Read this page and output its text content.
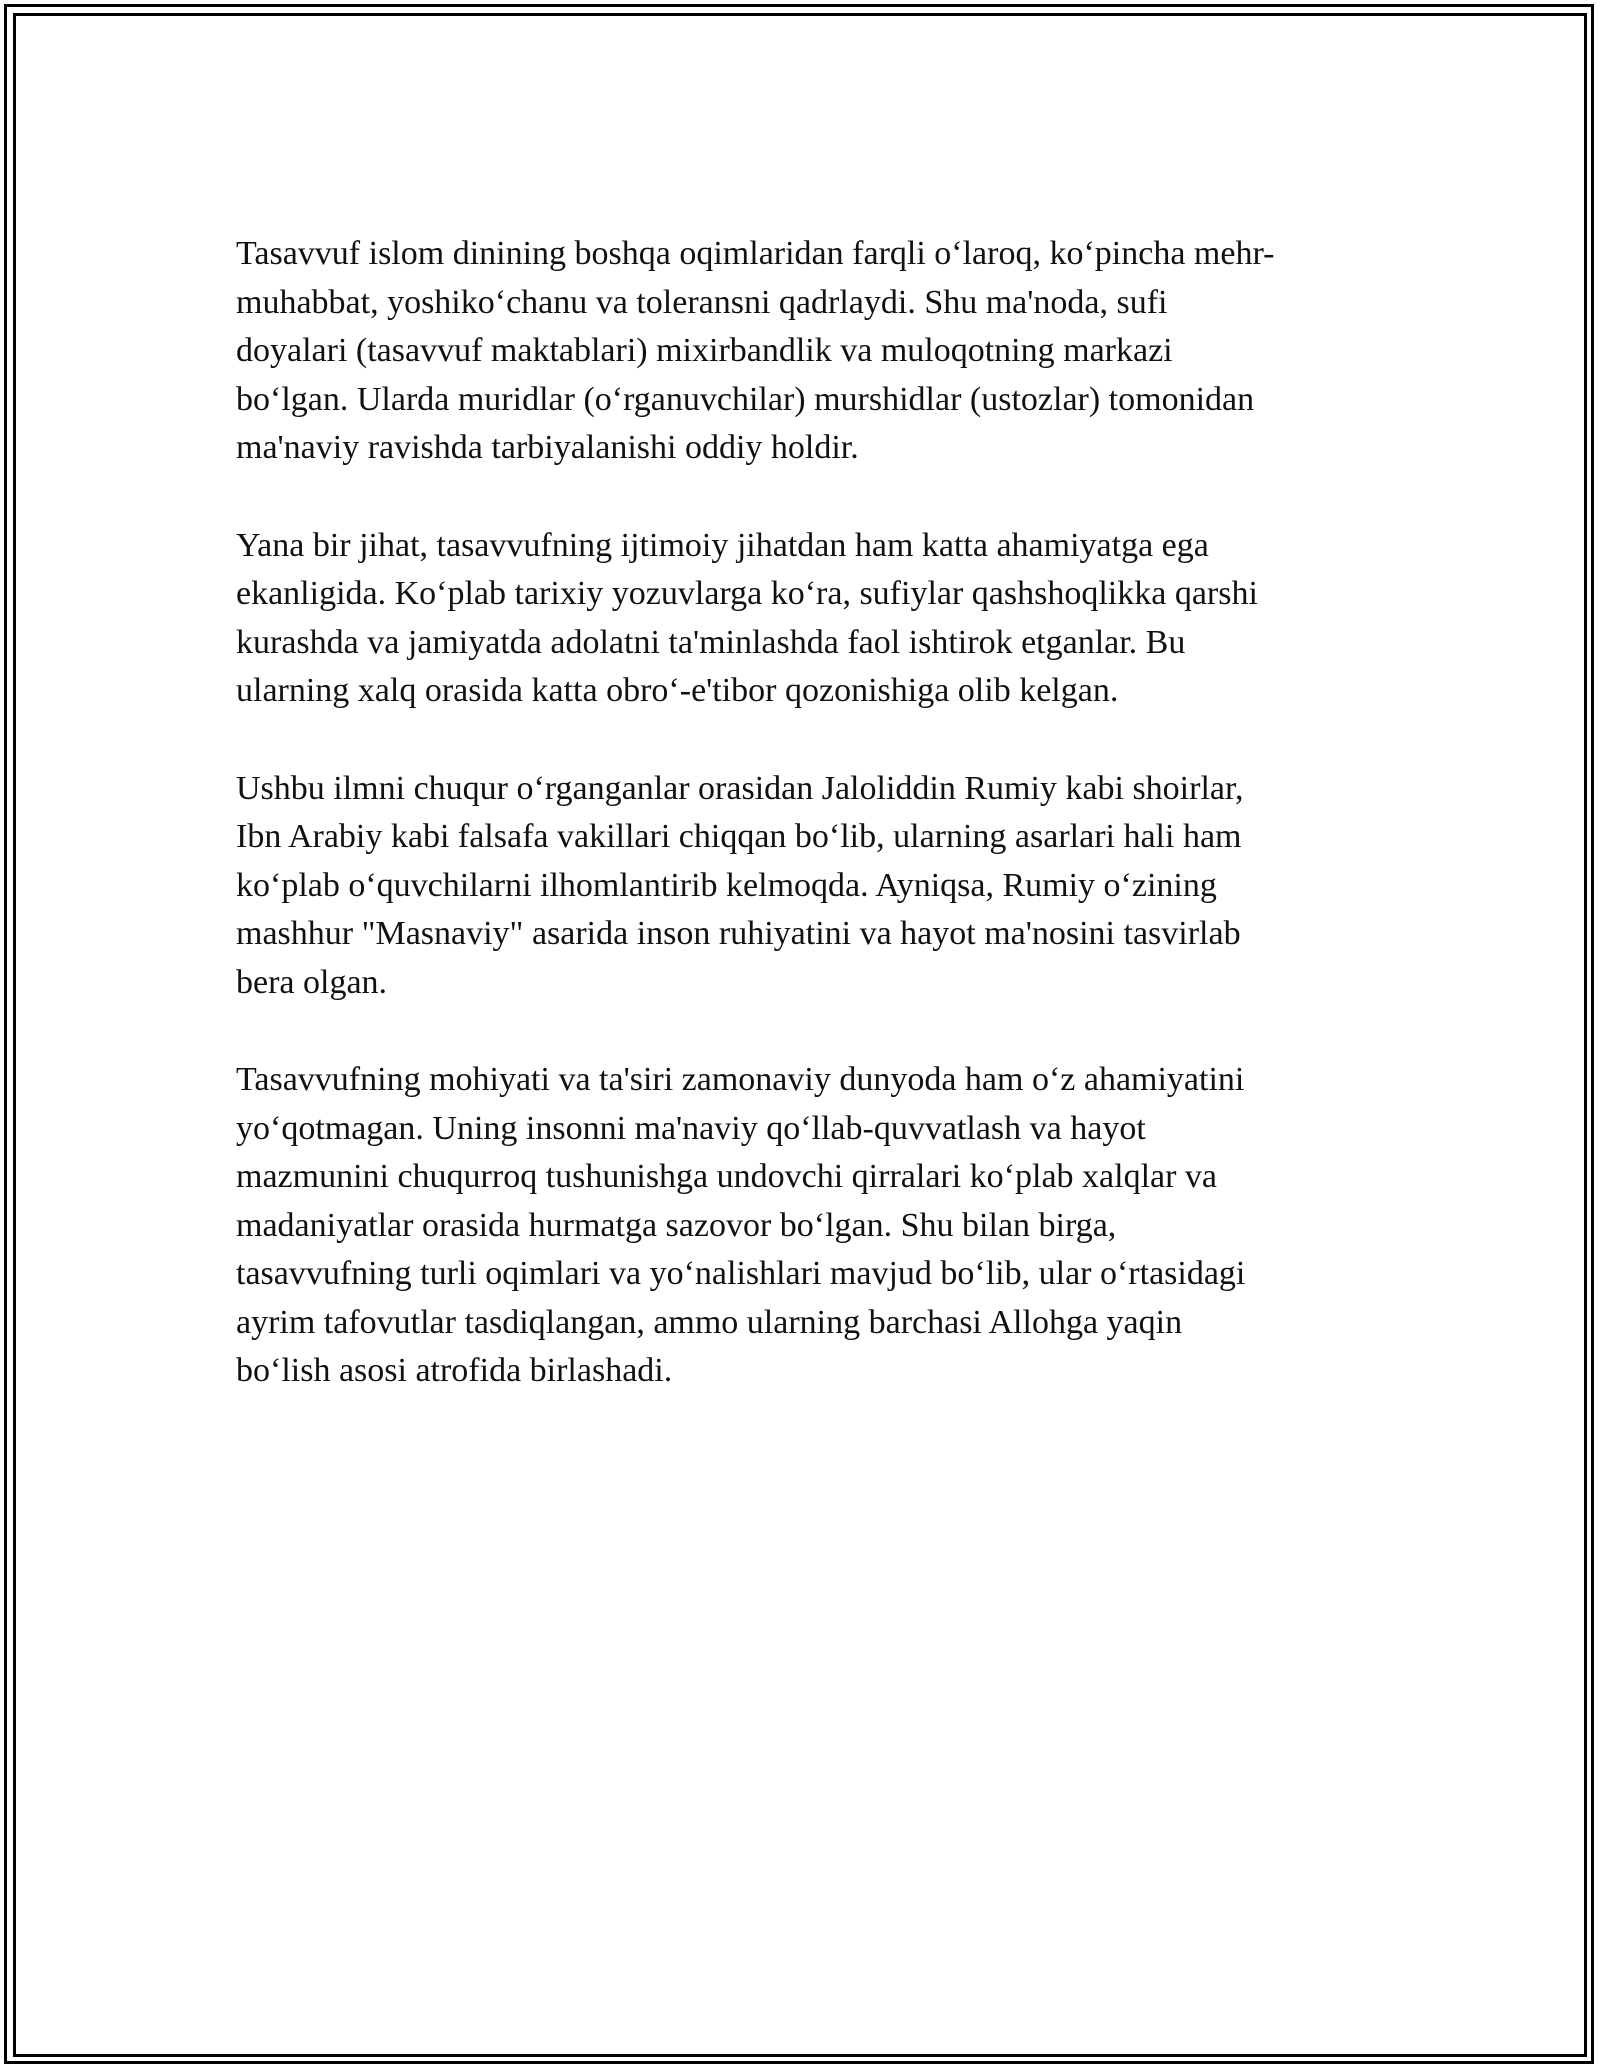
Tasavvuf islom dinining boshqa oqimlaridan farqli o‘laroq, ko‘pincha mehr-
muhabbat, yoshiko‘chanu va toleransni qadrlaydi. Shu ma'noda, sufi
doyalari (tasavvuf maktablari) mixirbandlik va muloqotning markazi
bo‘lgan. Ularda muridlar (o‘rganuvchilar) murshidlar (ustozlar) tomonidan
ma'naviy ravishda tarbiyalanishi oddiy holdir.

Yana bir jihat, tasavvufning ijtimoiy jihatdan ham katta ahamiyatga ega
ekanligida. Ko‘plab tarixiy yozuvlarga ko‘ra, sufiylar qashshoqlikka qarshi
kurashda va jamiyatda adolatni ta'minlashda faol ishtirok etganlar. Bu
ularning xalq orasida katta obro‘-e'tibor qozonishiga olib kelgan.

Ushbu ilmni chuqur o‘rganganlar orasidan Jaloliddin Rumiy kabi shoirlar,
Ibn Arabiy kabi falsafa vakillari chiqqan bo‘lib, ularning asarlari hali ham
ko‘plab o‘quvchilarni ilhomlantirib kelmoqda. Ayniqsa, Rumiy o‘zining
mashhur "Masnaviy" asarida inson ruhiyatini va hayot ma'nosini tasvirlab
bera olgan.

Tasavvufning mohiyati va ta'siri zamonaviy dunyoda ham o‘z ahamiyatini
yo‘qotmagan. Uning insonni ma'naviy qo‘llab-quvvatlash va hayot
mazmunini chuqurroq tushunishga undovchi qirralari ko‘plab xalqlar va
madaniyatlar orasida hurmatga sazovor bo‘lgan. Shu bilan birga,
tasavvufning turli oqimlari va yo‘nalishlari mavjud bo‘lib, ular o‘rtasidagi
ayrim tafovutlar tasdiqlangan, ammo ularning barchasi Allohga yaqin
bo‘lish asosi atrofida birlashadi.
